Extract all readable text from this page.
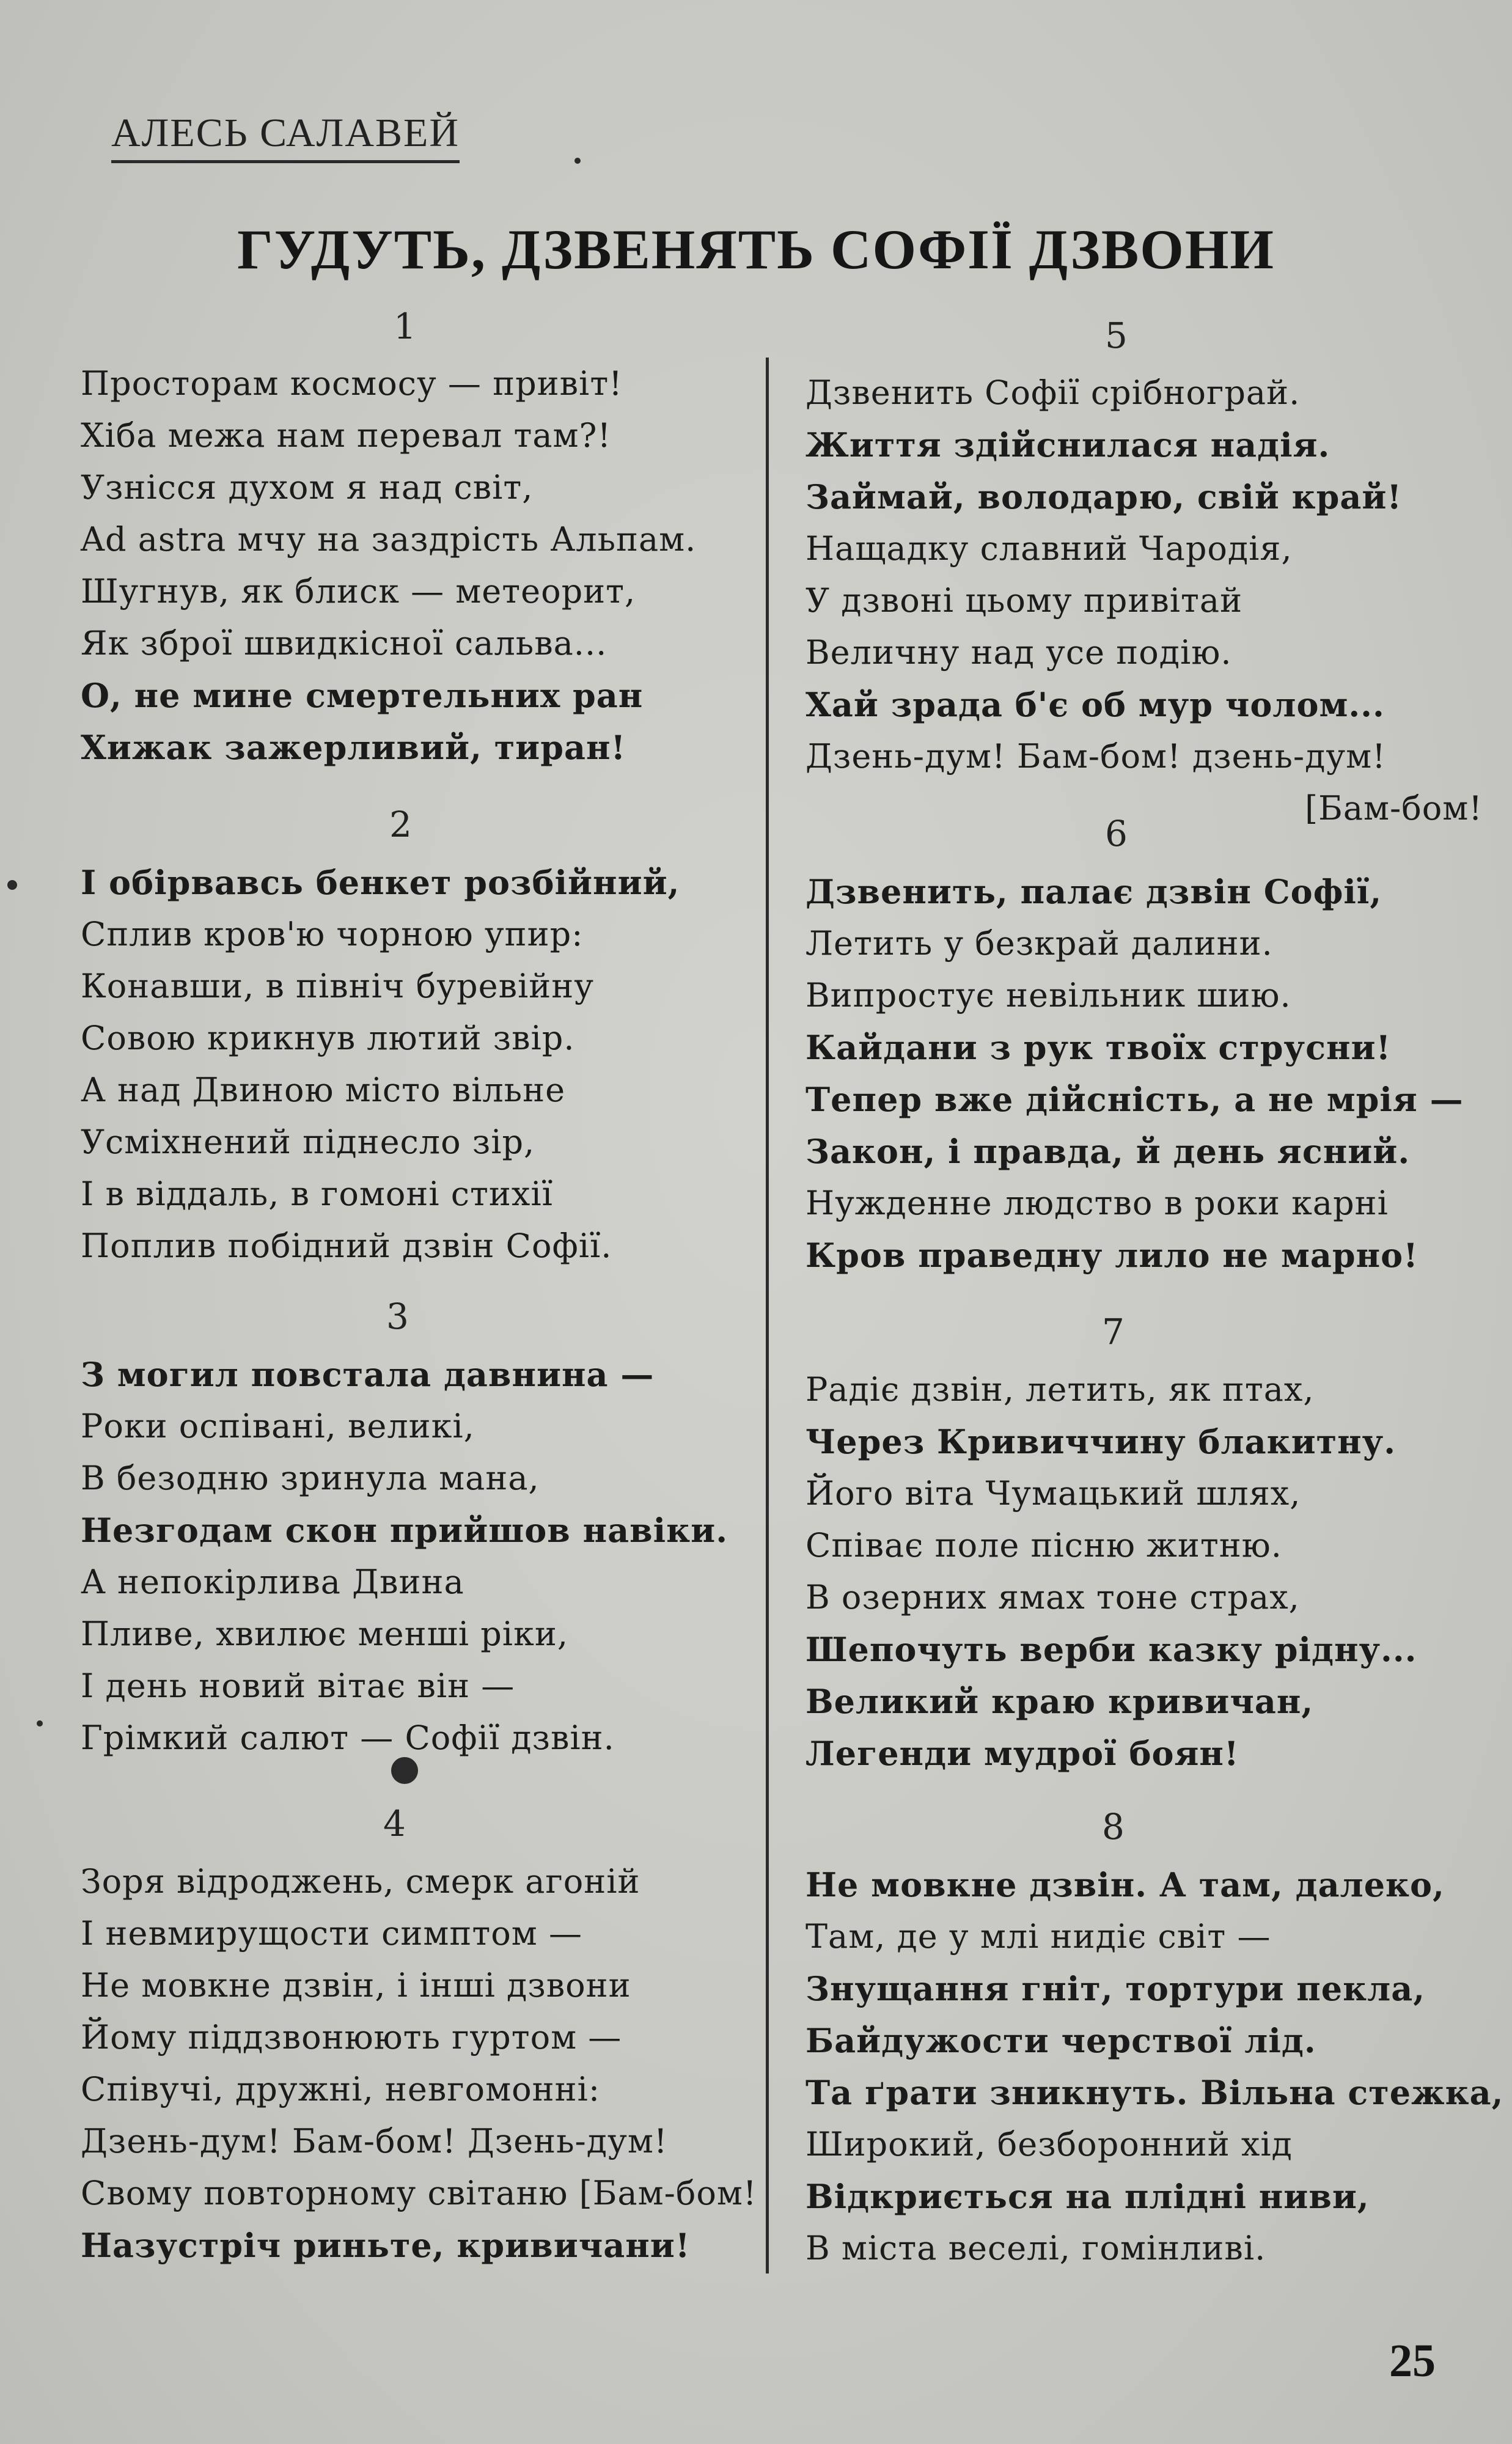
АЛЕСЬ САЛАВЕЙ
ГУДУТЬ, ДЗВЕНЯТЬ СОФІЇ ДЗВОНИ
1
Просторам космосу — привіт!
Хіба межа нам перевал там?!
Узнісся духом я над світ,
Ad astra мчу на заздрість Альпам.
Шугнув, як блиск — метеорит,
Як зброї швидкісної сальва...
О, не мине смертельних ран
Хижак зажерливий, тиран!
2
І обірвавсь бенкет розбійний,
Сплив кров'ю чорною упир:
Конавши, в північ буревійну
Совою крикнув лютий звір.
А над Двиною місто вільне
Усміхнений піднесло зір,
І в віддаль, в гомоні стихії
Поплив побідний дзвін Софії.
3
З могил повстала давнина —
Роки оспівані, великі,
В безодню зринула мана,
Незгодам скон прийшов навіки.
А непокірлива Двина
Пливе, хвилює менші ріки,
І день новий вітає він —
Грімкий салют — Софії дзвін.
4
Зоря відроджень, смерк агоній
І невмирущости симптом —
Не мовкне дзвін, і інші дзвони
Йому піддзвонюють гуртом —
Співучі, дружні, невгомонні:
Дзень-дум! Бам-бом! Дзень-дум!
Свому повторному світаню [Бам-бом!
Назустріч риньте, кривичани!
5
Дзвенить Софії срібнограй.
Життя здійснилася надія.
Займай, володарю, свій край!
Нащадку славний Чародія,
У дзвоні цьому привітай
Величну над усе подію.
Хай зрада б'є об мур чолом...
Дзень-дум! Бам-бом! дзень-дум!
[Бам-бом!
6
Дзвенить, палає дзвін Софії,
Летить у безкрай далини.
Випростує невільник шию.
Кайдани з рук твоїх струсни!
Тепер вже дійсність, а не мрія —
Закон, і правда, й день ясний.
Нужденне людство в роки карні
Кров праведну лило не марно!
7
Радіє дзвін, летить, як птах,
Через Кривиччину блакитну.
Його віта Чумацький шлях,
Співає поле пісню житню.
В озерних ямах тоне страх,
Шепочуть верби казку рідну...
Великий краю кривичан,
Легенди мудрої боян!
8
Не мовкне дзвін. А там, далеко,
Там, де у млі нидіє світ —
Знущання гніт, тортури пекла,
Байдужости черствої лід.
Та ґрати зникнуть. Вільна стежка,
Широкий, безборонний хід
Відкриється на плідні ниви,
В міста веселі, гомінливі.
25
